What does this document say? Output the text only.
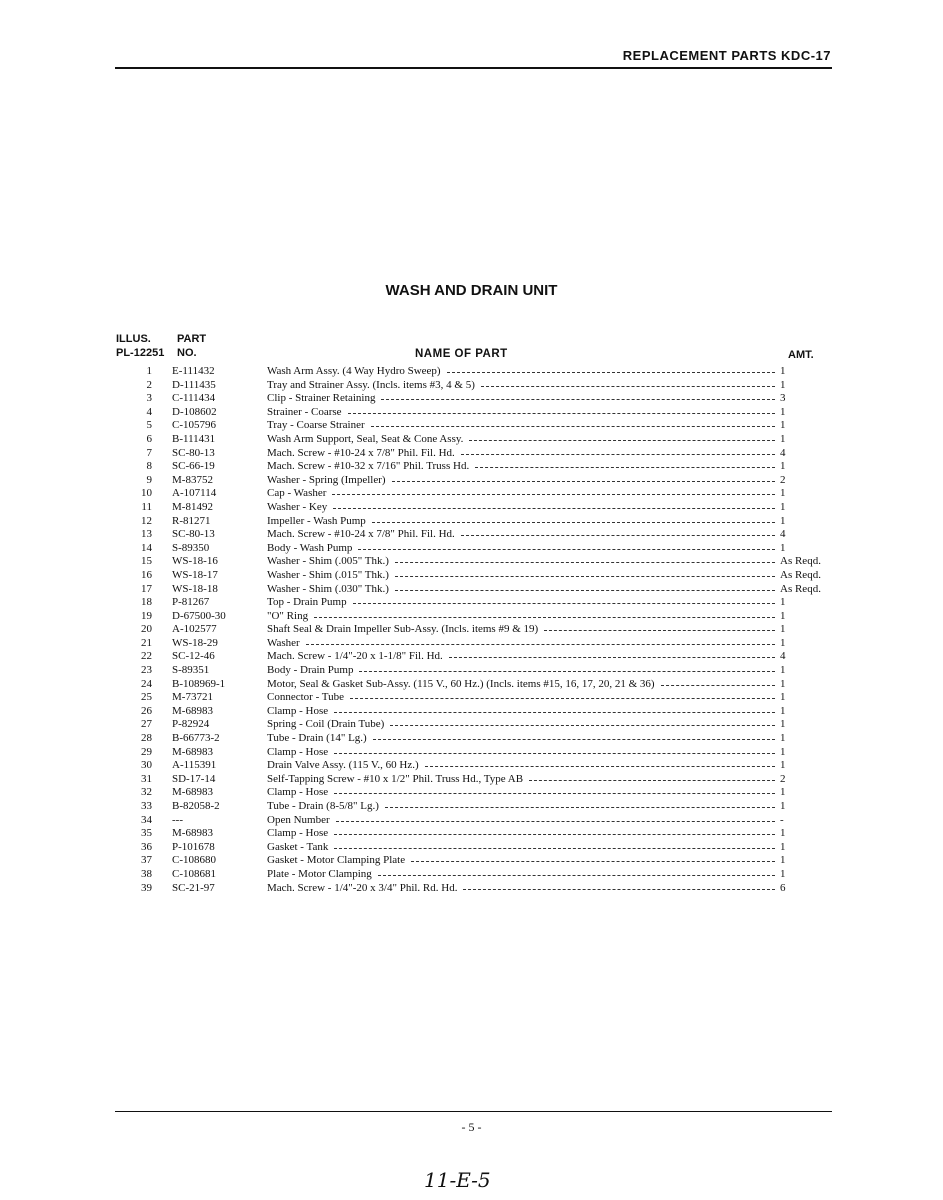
REPLACEMENT PARTS KDC-17
WASH AND DRAIN UNIT
ILLUS.
PL-12251
PART
NO.	NAME OF PART	AMT.
1 E-111432	Wash Arm Assy. (4 Way Hydro Sweep)	1
2 D-111435	Tray and Strainer Assy. (Incls. items #3, 4 & 5)	1
3 C-111434	Clip - Strainer Retaining	3
4 D-108602	Strainer - Coarse	1
5 C-105796	Tray - Coarse Strainer	1
6 B-111431	Wash Arm Support, Seal, Seat & Cone Assy.	1
7 SC-80-13	Mach. Screw - #10-24 x 7/8" Phil. Fil. Hd.	4
8 SC-66-19	Mach. Screw - #10-32 x 7/16" Phil. Truss Hd.	1
9 M-83752	Washer - Spring (Impeller)	2
10 A-107114	Cap - Washer	1
11 M-81492	Washer - Key	1
12 R-81271	Impeller - Wash Pump	1
13 SC-80-13	Mach. Screw - #10-24 x 7/8" Phil. Fil. Hd.	4
14 S-89350	Body - Wash Pump	1
15 WS-18-16	Washer - Shim (.005" Thk.)	As Reqd.
16 WS-18-17	Washer - Shim (.015" Thk.)	As Reqd.
17 WS-18-18	Washer - Shim (.030" Thk.)	As Reqd.
18 P-81267	Top - Drain Pump	1
19 D-67500-30	"O" Ring	1
20 A-102577	Shaft Seal & Drain Impeller Sub-Assy. (Incls. items #9 & 19)	1
21 WS-18-29	Washer	1
22 SC-12-46	Mach. Screw - 1/4"-20 x 1-1/8" Fil. Hd.	4
23 S-89351	Body - Drain Pump	1
24 B-108969-1	Motor, Seal & Gasket Sub-Assy. (115 V., 60 Hz.) (Incls. items #15, 16, 17, 20, 21 & 36)	1
25 M-73721	Connector - Tube	1
26 M-68983	Clamp - Hose	1
27 P-82924	Spring - Coil (Drain Tube)	1
28 B-66773-2	Tube - Drain (14" Lg.)	1
29 M-68983	Clamp - Hose	1
30 A-115391	Drain Valve Assy. (115 V., 60 Hz.)	1
31 SD-17-14	Self-Tapping Screw - #10 x 1/2" Phil. Truss Hd., Type AB	2
32 M-68983	Clamp - Hose	1
33 B-82058-2	Tube - Drain (8-5/8" Lg.)	1
34 ---	Open Number	-
35 M-68983	Clamp - Hose	1
36 P-101678	Gasket - Tank	1
37 C-108680	Gasket - Motor Clamping Plate	1
38 C-108681	Plate - Motor Clamping	1
39 SC-21-97	Mach. Screw - 1/4"-20 x 3/4" Phil. Rd. Hd.	6
- 5 -
11-E-5
